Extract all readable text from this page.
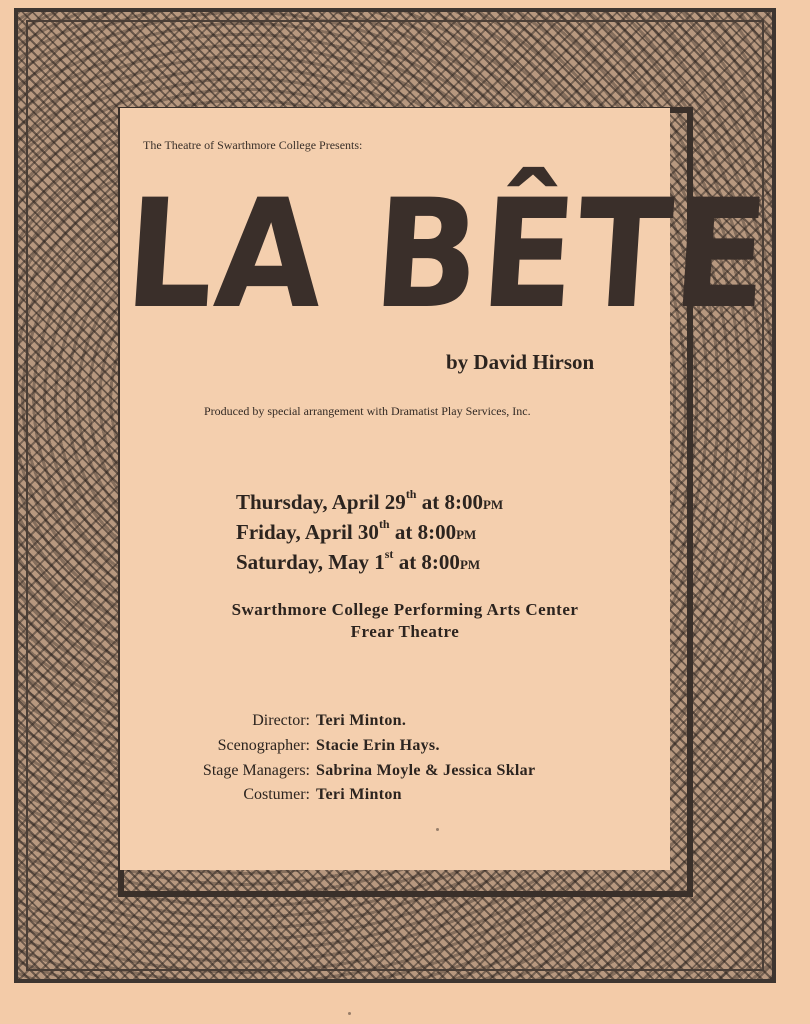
The Theatre of Swarthmore College Presents:

LA BÊTE

by David Hirson

Produced by special arrangement with Dramatist Play Services, Inc.

Thursday, April 29th at 8:00PM
Friday, April 30th at 8:00PM
Saturday, May 1st at 8:00PM
Swarthmore College Performing Arts Center
Frear Theatre
Director: Teri Minton.
Scenographer: Stacie Erin Hays.
Stage Managers: Sabrina Moyle & Jessica Sklar
Costumer: Teri Minton
